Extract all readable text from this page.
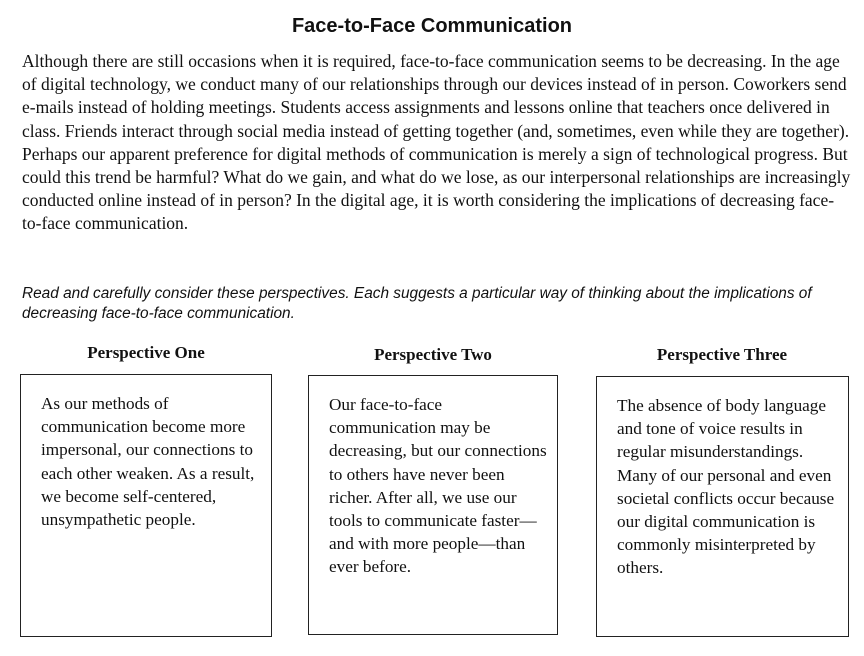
Face-to-Face Communication

Although there are still occasions when it is required, face-to-face communication seems to be decreasing. In the age of digital technology, we conduct many of our relationships through our devices instead of in person. Coworkers send e-mails instead of holding meetings. Students access assignments and lessons online that teachers once delivered in class. Friends interact through social media instead of getting together (and, sometimes, even while they are together). Perhaps our apparent preference for digital methods of communication is merely a sign of technological progress. But could this trend be harmful? What do we gain, and what do we lose, as our interpersonal relationships are increasingly conducted online instead of in person? In the digital age, it is worth considering the implications of decreasing face-to-face communication.

Read and carefully consider these perspectives. Each suggests a particular way of thinking about the implications of decreasing face-to-face communication.

Perspective One

As our methods of communication become more impersonal, our connections to each other weaken. As a result, we become self-centered, unsympathetic people.

Perspective Two

Our face-to-face communication may be decreasing, but our connections to others have never been richer. After all, we use our tools to communicate faster—and with more people—than ever before.

Perspective Three

The absence of body language and tone of voice results in regular misunderstandings. Many of our personal and even societal conflicts occur because our digital communication is commonly misinterpreted by others.
